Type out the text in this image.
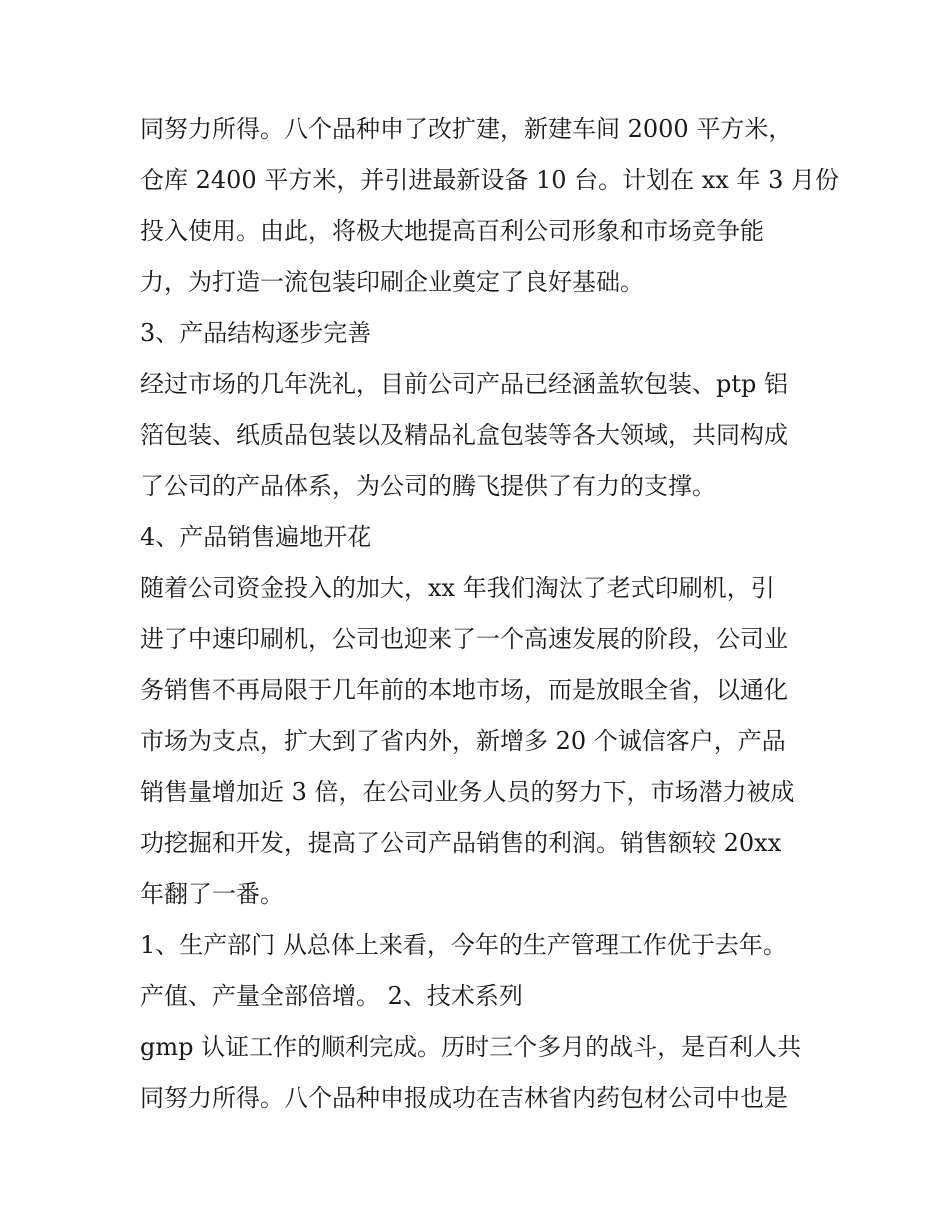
同努力所得。八个品种申了改扩建，新建车间 2000 平方米，
仓库 2400 平方米，并引进最新设备 10 台。计划在 xx 年 3 月份
投入使用。由此，将极大地提高百利公司形象和市场竞争能
力，为打造一流包装印刷企业奠定了良好基础。
3、产品结构逐步完善
经过市场的几年洗礼，目前公司产品已经涵盖软包装、ptp 铝
箔包装、纸质品包装以及精品礼盒包装等各大领域，共同构成
了公司的产品体系，为公司的腾飞提供了有力的支撑。
4、产品销售遍地开花
随着公司资金投入的加大，xx 年我们淘汰了老式印刷机，引
进了中速印刷机，公司也迎来了一个高速发展的阶段，公司业
务销售不再局限于几年前的本地市场，而是放眼全省，以通化
市场为支点，扩大到了省内外，新增多 20 个诚信客户，产品
销售量增加近 3 倍，在公司业务人员的努力下，市场潜力被成
功挖掘和开发，提高了公司产品销售的利润。销售额较 20xx
年翻了一番。
1、生产部门 从总体上来看，今年的生产管理工作优于去年。
产值、产量全部倍增。 2、技术系列
gmp 认证工作的顺利完成。历时三个多月的战斗，是百利人共
同努力所得。八个品种申报成功在吉林省内药包材公司中也是
